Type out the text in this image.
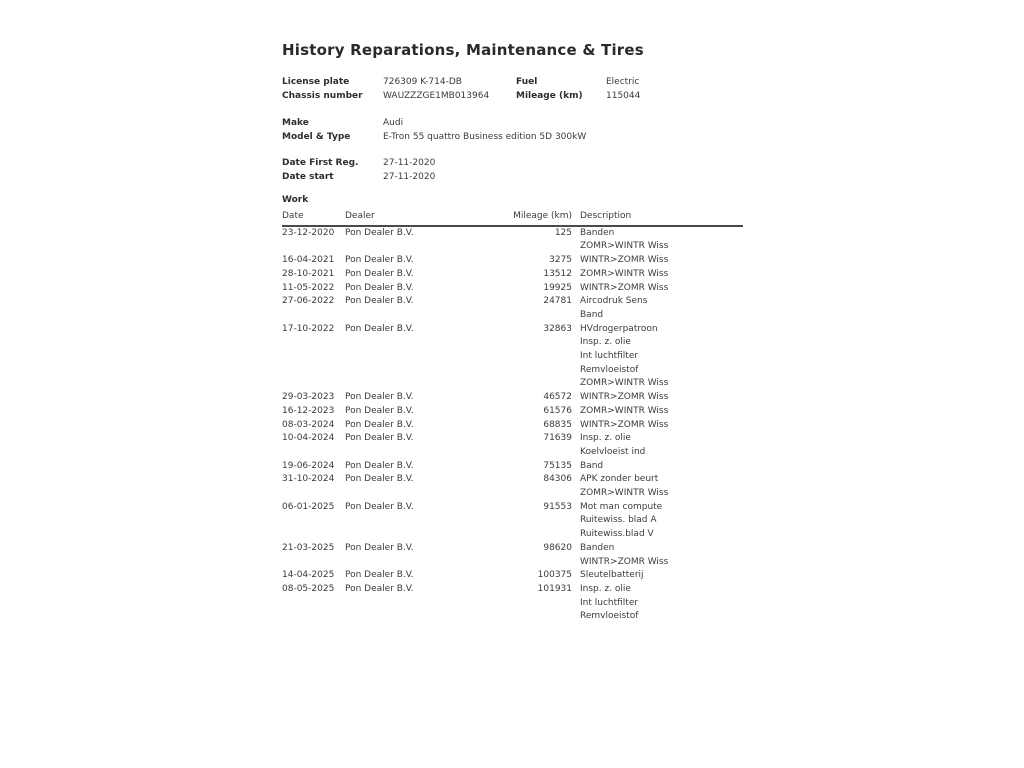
History Reparations, Maintenance & Tires
License plate	726309 K-714-DB	Fuel	Electric
Chassis number WAUZZZGE1MB013964	Mileage (km)	115044
Make	Audi
Model & Type	E-Tron 55 quattro Business edition 5D 300kW
Date First Reg.	27-11-2020
Date start	27-11-2020
Work
Date	Dealer	Mileage (km) Description
23-12-2020	Pon Dealer B.V.	125 Banden
ZOMR>WINTR Wiss
16-04-2021	Pon Dealer B.V.	3275 WINTR>ZOMR Wiss
28-10-2021	Pon Dealer B.V.	13512 ZOMR>WINTR Wiss
11-05-2022	Pon Dealer B.V.	19925 WINTR>ZOMR Wiss
27-06-2022	Pon Dealer B.V.	24781 Aircodruk Sens
Band
17-10-2022	Pon Dealer B.V.	32863 HVdrogerpatroon
Insp. z. olie
Int luchtfilter
Remvloeistof
ZOMR>WINTR Wiss
29-03-2023	Pon Dealer B.V.	46572 WINTR>ZOMR Wiss
16-12-2023	Pon Dealer B.V.	61576 ZOMR>WINTR Wiss
08-03-2024	Pon Dealer B.V.	68835 WINTR>ZOMR Wiss
10-04-2024	Pon Dealer B.V.	71639 Insp. z. olie
Koelvloeist ind
19-06-2024	Pon Dealer B.V.	75135 Band
31-10-2024	Pon Dealer B.V.	84306 APK zonder beurt
ZOMR>WINTR Wiss
06-01-2025	Pon Dealer B.V.	91553 Mot man compute
Ruitewiss. blad A
Ruitewiss.blad V
21-03-2025	Pon Dealer B.V.	98620 Banden
WINTR>ZOMR Wiss
14-04-2025	Pon Dealer B.V.	100375 Sleutelbatterij
08-05-2025	Pon Dealer B.V.	101931 Insp. z. olie
Int luchtfilter
Remvloeistof
